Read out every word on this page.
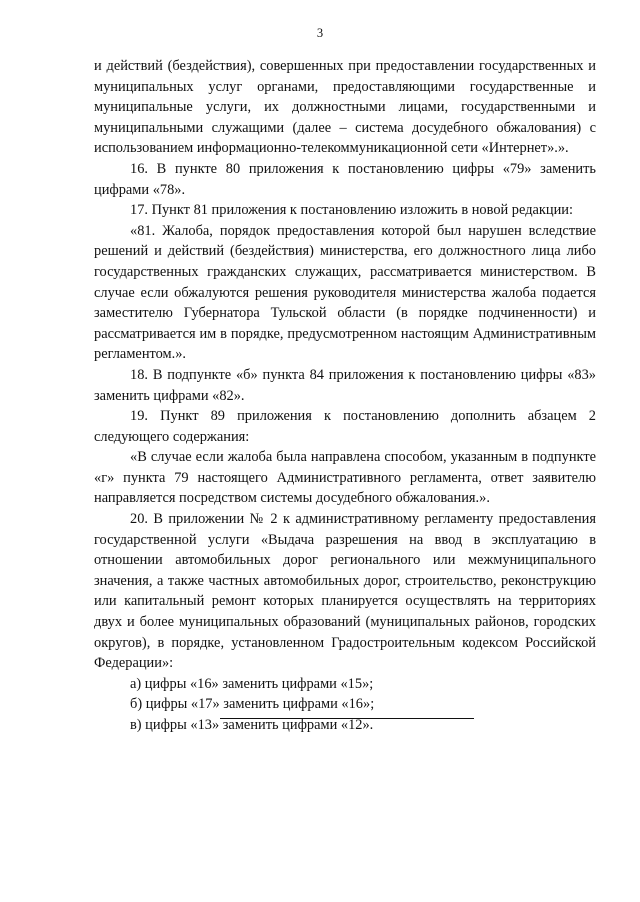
3

и действий (бездействия), совершенных при предоставлении государственных и муниципальных услуг органами, предоставляющими государственные и муниципальные услуги, их должностными лицами, государственными и муниципальными служащими (далее – система досудебного обжалования) с использованием информационно-телекоммуникационной сети «Интернет».».

16. В пункте 80 приложения к постановлению цифры «79» заменить цифрами «78».

17. Пункт 81 приложения к постановлению изложить в новой редакции:

«81. Жалоба, порядок предоставления которой был нарушен вследствие решений и действий (бездействия) министерства, его должностного лица либо государственных гражданских служащих, рассматривается министерством. В случае если обжалуются решения руководителя министерства жалоба подается заместителю Губернатора Тульской области (в порядке подчиненности) и рассматривается им в порядке, предусмотренном настоящим Административным регламентом.».

18. В подпункте «б» пункта 84 приложения к постановлению цифры «83» заменить цифрами «82».

19. Пункт 89 приложения к постановлению дополнить абзацем 2 следующего содержания:

«В случае если жалоба была направлена способом, указанным в подпункте «г» пункта 79 настоящего Административного регламента, ответ заявителю направляется посредством системы досудебного обжалования.».

20. В приложении № 2 к административному регламенту предоставления государственной услуги «Выдача разрешения на ввод в эксплуатацию в отношении автомобильных дорог регионального или межмуниципального значения, а также частных автомобильных дорог, строительство, реконструкцию или капитальный ремонт которых планируется осуществлять на территориях двух и более муниципальных образований (муниципальных районов, городских округов), в порядке, установленном Градостроительным кодексом Российской Федерации»:

а) цифры «16» заменить цифрами «15»;

б) цифры «17» заменить цифрами «16»;

в) цифры «13» заменить цифрами «12».
